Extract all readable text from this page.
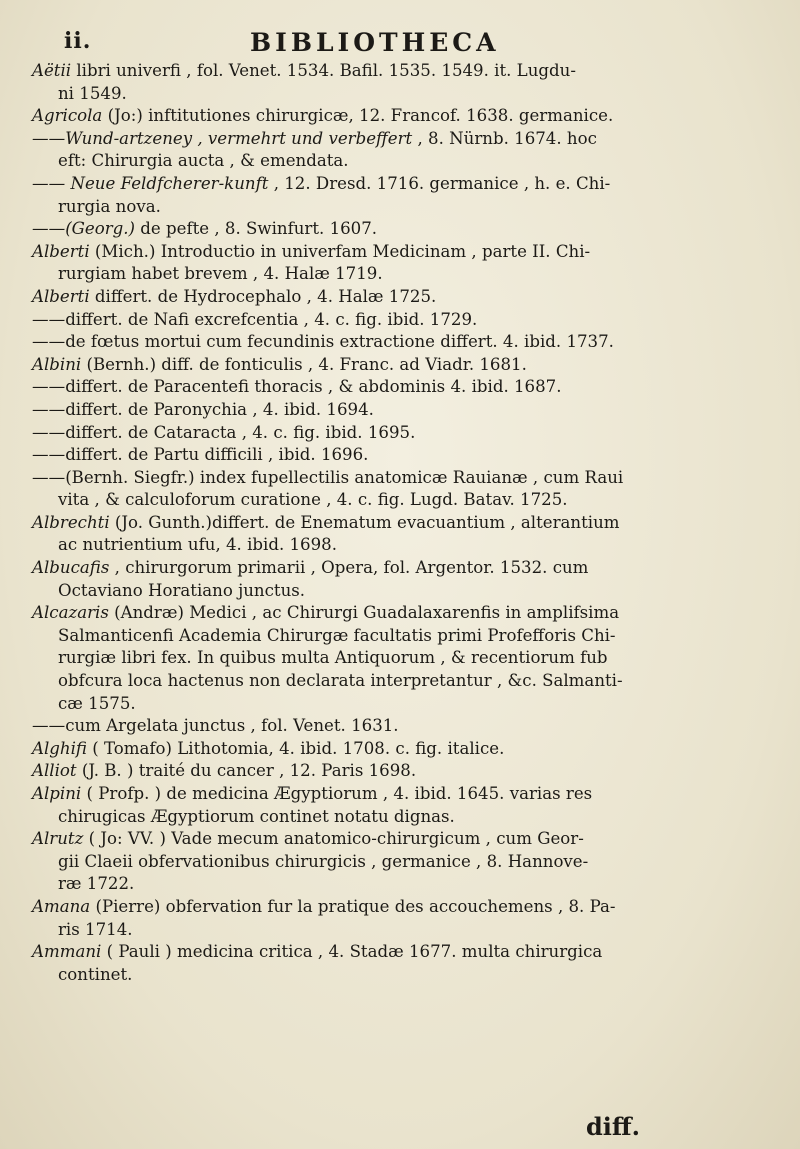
ii.	BIBLIOTHECA
Aëtii libri univerfi , fol. Venet. 1534. Bafil. 1535. 1549. it. Lugdu-
ni 1549.
Agricola (Jo:) inftitutiones chirurgicæ, 12. Francof. 1638. germanice.
——Wund-artzeney , vermehrt und verbeffert , 8. Nürnb. 1674. hoc
eft: Chirurgia aucta , & emendata.
—— Neue Feldfcherer-kunft , 12. Dresd. 1716. germanice , h. e. Chi-
rurgia nova.
——(Georg.) de pefte , 8. Swinfurt. 1607.
Alberti (Mich.) Introductio in univerfam Medicinam , parte II. Chi-
rurgiam habet brevem , 4. Halæ 1719.
Alberti differt. de Hydrocephalo , 4. Halæ 1725.
——differt. de Nafi excrefcentia , 4. c. fig. ibid. 1729.
——de fœtus mortui cum fecundinis extractione differt. 4. ibid. 1737.
Albini (Bernh.) diff. de fonticulis , 4. Franc. ad Viadr. 1681.
——differt. de Paracentefi thoracis , & abdominis 4. ibid. 1687.
——differt. de Paronychia , 4. ibid. 1694.
——differt. de Cataracta , 4. c. fig. ibid. 1695.
——differt. de Partu difficili , ibid. 1696.
——(Bernh. Siegfr.) index fupellectilis anatomicæ Rauianæ , cum Raui
vita , & calculoforum curatione , 4. c. fig. Lugd. Batav. 1725.
Albrechti (Jo. Gunth.)differt. de Enematum evacuantium , alterantium
ac nutrientium ufu, 4. ibid. 1698.
Albucafis , chirurgorum primarii , Opera, fol. Argentor. 1532. cum
Octaviano Horatiano junctus.
Alcazaris (Andræ) Medici , ac Chirurgi Guadalaxarenfis in amplifsima
Salmanticenfi Academia Chirurgæ facultatis primi Profefforis Chi-
rurgiæ libri fex. In quibus multa Antiquorum , & recentiorum fub
obfcura loca hactenus non declarata interpretantur , &c. Salmanti-
cæ 1575.
——cum Argelata junctus , fol. Venet. 1631.
Alghifi ( Tomafo) Lithotomia, 4. ibid. 1708. c. fig. italice.
Alliot (J. B. ) traité du cancer , 12. Paris 1698.
Alpini ( Profp. ) de medicina Ægyptiorum , 4. ibid. 1645. varias res
chirugicas Ægyptiorum continet notatu dignas.
Alrutz ( Jo: VV. ) Vade mecum anatomico-chirurgicum , cum Geor-
gii Claeii obfervationibus chirurgicis , germanice , 8. Hannove-
ræ 1722.
Amana (Pierre) obfervation fur la pratique des accouchemens , 8. Pa-
ris 1714.
Ammani ( Pauli ) medicina critica , 4. Stadæ 1677. multa chirurgica
continet.
diff.
